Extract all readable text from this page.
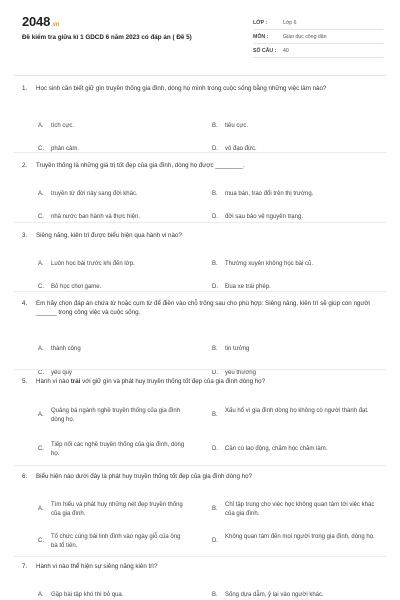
2048.vn
Đề kiểm tra giữa kì 1 GDCD 6 năm 2023 có đáp án ( Đề 5)
LỚP :	Lớp 6
MÔN :	Giáo dục công dân
SỐ CÂU :	40
1.	Học sinh cần biết giữ gìn truyền thống gia đình, dòng họ mình trong cuộc sống bằng những việc làm nào?
A.	tích cực.	B.	tiêu cực.
C.	phản cảm.	D.	vô đạo đức.
2.	Truyền thống là những giá trị tốt đẹp của gia đình, dòng họ được ________.
A.	truyền từ đời này sang đời khác.	B.	mua bán, trao đổi trên thị trường.
C.	nhà nước ban hành và thực hiện.	D.	đời sau bảo vệ nguyên trạng.
3.	Siêng năng, kiên trì được biểu hiện qua hành vi nào?
A.	Luôn học bài trước khi đến lớp.	B.	Thường xuyên không học bài cũ.
C.	Bỏ học chơi game.	D.	Đua xe trái phép.
4.	Em hãy chọn đáp án chứa từ hoặc cụm từ để điền vào chỗ trống sau cho phù hợp: Siêng năng, kiên trì sẽ giúp con người ______ trong công việc và cuộc sống.
A.	thành công	B.	tin tưởng
C.	yêu quý	D.	yêu thương
5.	Hành vi nào trái với giữ gìn và phát huy truyền thống tốt đẹp của gia đình dòng họ?
A.
Quảng bá ngành nghề truyền thống của gia đình dòng họ.
B.
Xấu hổ vì gia đình dòng họ không có người thành đạt.
C.
Tiếp nối các nghề truyền thống của gia đình, dòng họ.
D.	Cần cù lao động, chăm học chăm làm.
6.	Biểu hiện nào dưới đây là phát huy truyền thống tốt đẹp của gia đình dòng họ?
A.
Tìm hiểu và phát huy những nét đẹp truyền thống của gia đình.
B.
Chỉ tập trung cho việc học không quan tâm tới việc khác của gia đình.
C.
Tổ chức cúng bái linh đình vào ngày giỗ của ông bà tổ tiên.
D.
Không quan tâm đến mọi người trong gia đình, dòng họ.
7.	Hành vi nào thể hiện sự siêng năng kiên trì?
A.	Gặp bài tập khó thì bỏ qua.	B.	Sống dựa dẫm, ỷ lại vào người khác.
